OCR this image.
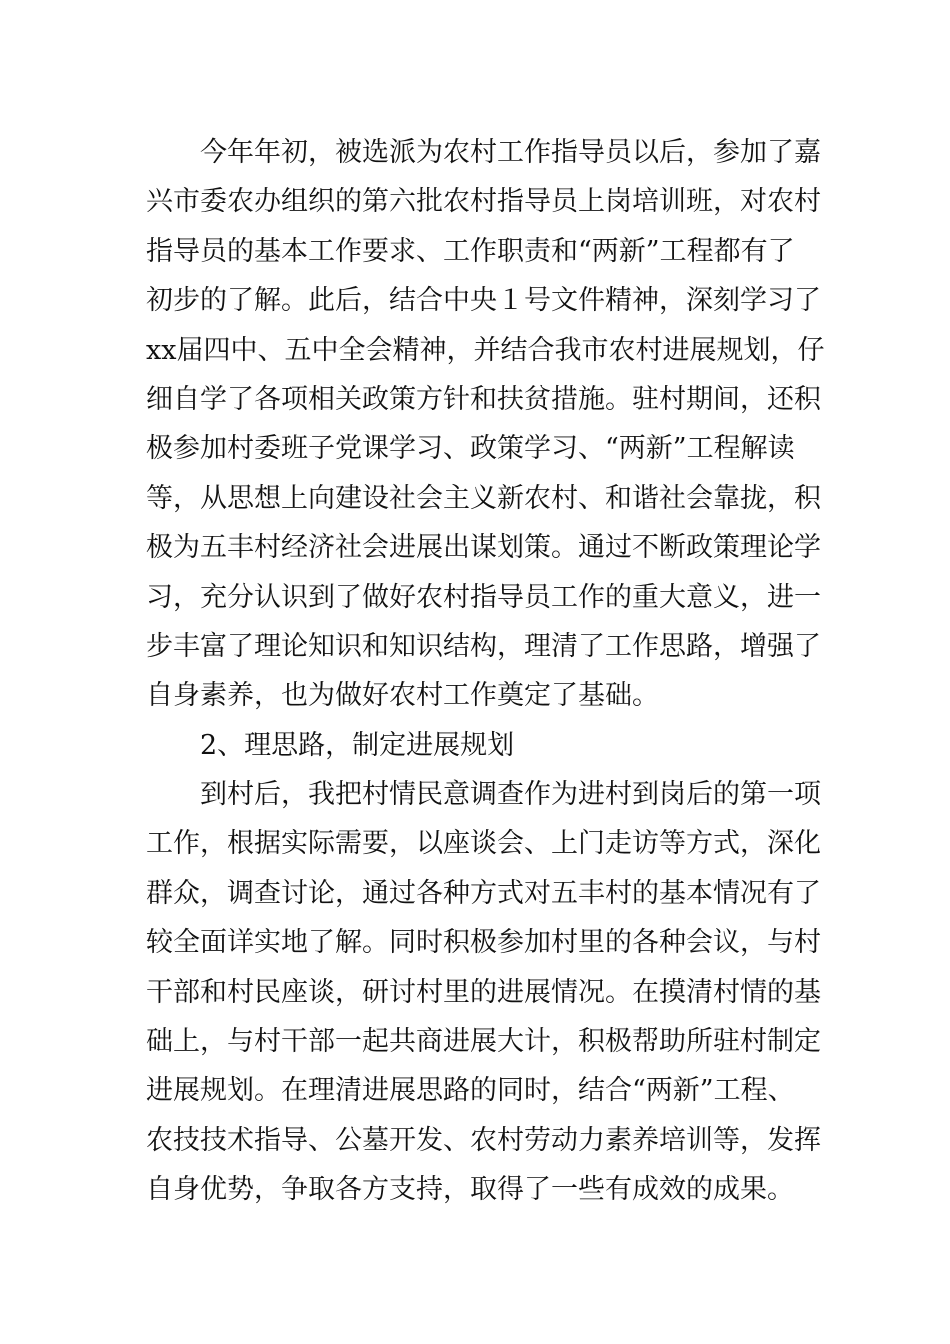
今年年初，被选派为农村工作指导员以后，参加了嘉
兴市委农办组织的第六批农村指导员上岗培训班，对农村
指导员的基本工作要求、工作职责和“两新”工程都有了
初步的了解。此后，结合中央１号文件精神，深刻学习了
xx届四中、五中全会精神，并结合我市农村进展规划，仔
细自学了各项相关政策方针和扶贫措施。驻村期间，还积
极参加村委班子党课学习、政策学习、“两新”工程解读
等，从思想上向建设社会主义新农村、和谐社会靠拢，积
极为五丰村经济社会进展出谋划策。通过不断政策理论学
习，充分认识到了做好农村指导员工作的重大意义，进一
步丰富了理论知识和知识结构，理清了工作思路，增强了
自身素养，也为做好农村工作奠定了基础。
2、理思路，制定进展规划
到村后，我把村情民意调查作为进村到岗后的第一项
工作，根据实际需要，以座谈会、上门走访等方式，深化
群众，调查讨论，通过各种方式对五丰村的基本情况有了
较全面详实地了解。同时积极参加村里的各种会议，与村
干部和村民座谈，研讨村里的进展情况。在摸清村情的基
础上，与村干部一起共商进展大计，积极帮助所驻村制定
进展规划。在理清进展思路的同时，结合“两新”工程、
农技技术指导、公墓开发、农村劳动力素养培训等，发挥
自身优势，争取各方支持，取得了一些有成效的成果。
